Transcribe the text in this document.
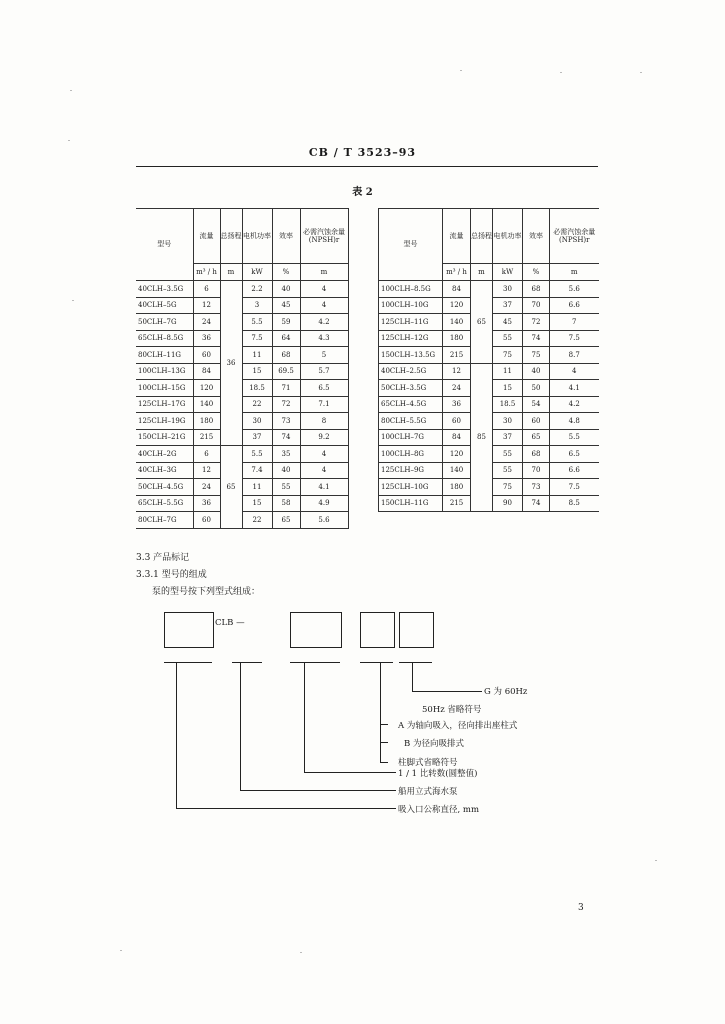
CB / T 3523–93
表 2
型号	流量	总扬程	电机功率	效率	必需汽蚀余量(NPSH)r
	m³ / h	m	kW	%	m
40CLH–3.5G	6	36	2.2	40	4
40CLH–5G	12		3	45	4
50CLH–7G	24		5.5	59	4.2
65CLH–8.5G	36		7.5	64	4.3
80CLH–11G	60		11	68	5
100CLH–13G	84		15	69.5	5.7
100CLH–15G	120		18.5	71	6.5
125CLH–17G	140		22	72	7.1
125CLH–19G	180		30	73	8
150CLH–21G	215		37	74	9.2
40CLH–2G	6	65	5.5	35	4
40CLH–3G	12		7.4	40	4
50CLH–4.5G	24		11	55	4.1
65CLH–5.5G	36		15	58	4.9
80CLH–7G	60		22	65	5.6
型号	流量	总扬程	电机功率	效率	必需汽蚀余量(NPSH)r
	m³ / h	m	kW	%	m
100CLH–8.5G	84	65	30	68	5.6
100CLH–10G	120		37	70	6.6
125CLH–11G	140		45	72	7
125CLH–12G	180		55	74	7.5
150CLH–13.5G	215		75	75	8.7
40CLH–2.5G	12	85	11	40	4
50CLH–3.5G	24		15	50	4.1
65CLH–4.5G	36		18.5	54	4.2
80CLH–5.5G	60		30	60	4.8
100CLH–7G	84		37	65	5.5
100CLH–8G	120		55	68	6.5
125CLH–9G	140		55	70	6.6
125CLH–10G	180		75	73	7.5
150CLH–11G	215		90	74	8.5
3.3 产品标记
3.3.1 型号的组成
泵的型号按下列型式组成：
CLB —
G 为 60Hz
50Hz 省略符号
A 为轴向吸入，径向排出座柱式
B 为径向吸排式
柱脚式省略符号
1 / 1 比转数(圆整值)
船用立式海水泵
吸入口公称直径, mm
3
